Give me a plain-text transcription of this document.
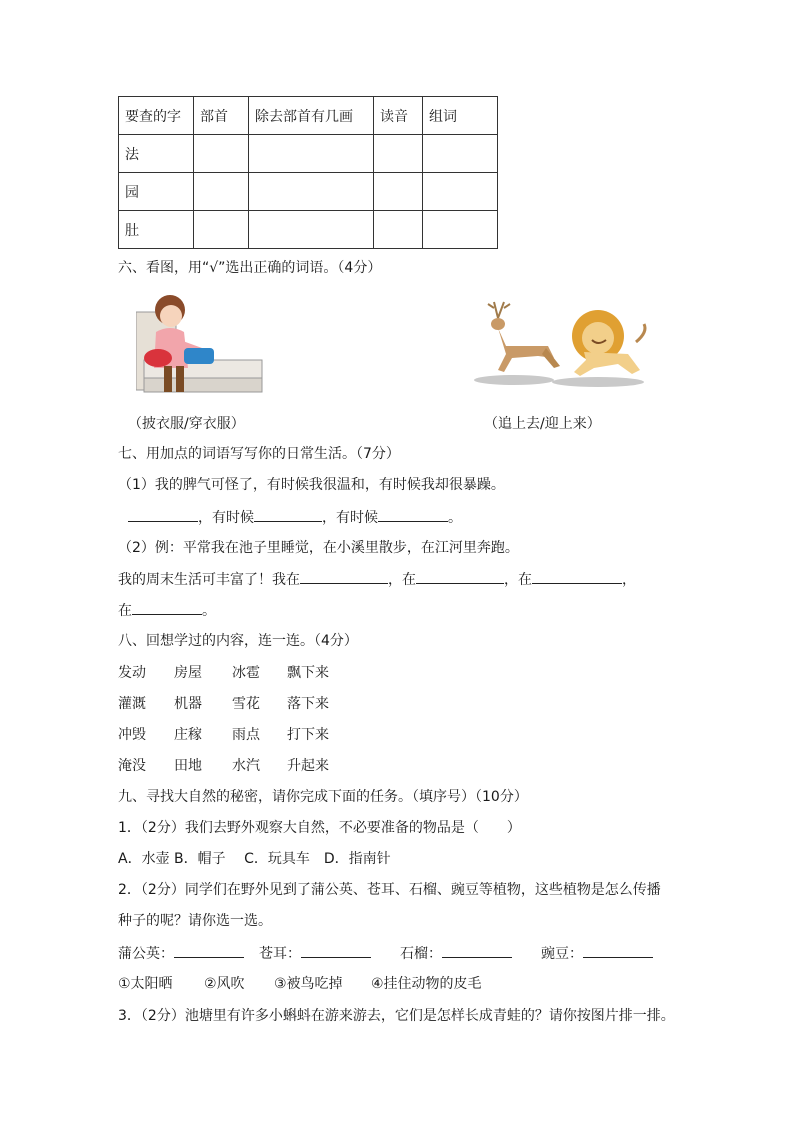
要查的字	部首	除去部首有几画	读音	组词
法				
园				
肚				
六、看图，用“√”选出正确的词语。（4分）
（披衣服/穿衣服）	（追上去/迎上来）
七、用加点的词语写写你的日常生活。（7分）
（1）我的脾气可怪了，有时候我很温和，有时候我却很暴躁。
，有时候	，有时候	。
（2）例：平常我在池子里睡觉，在小溪里散步，在江河里奔跑。
我的周末生活可丰富了！我在	，在	，在	，
在	。
八、回想学过的内容，连一连。（4分）
发动 房屋 冰雹 飘下来
灌溉 机器 雪花 落下来
冲毁 庄稼 雨点 打下来
淹没 田地 水汽 升起来
九、寻找大自然的秘密，请你完成下面的任务。（填序号）（10分）
1．（2分）我们去野外观察大自然，不必要准备的物品是（　　）
A．水壶 B．帽子　 C．玩具车　D．指南针
2．（2分）同学们在野外见到了蒲公英、苍耳、石榴、豌豆等植物，这些植物是怎么传播
种子的呢？请你选一选。
蒲公英：	苍耳：	石榴：	豌豆：
①太阳晒 ②风吹 ③被鸟吃掉 ④挂住动物的皮毛
3．（2分）池塘里有许多小蝌蚪在游来游去，它们是怎样长成青蛙的？请你按图片排一排。
